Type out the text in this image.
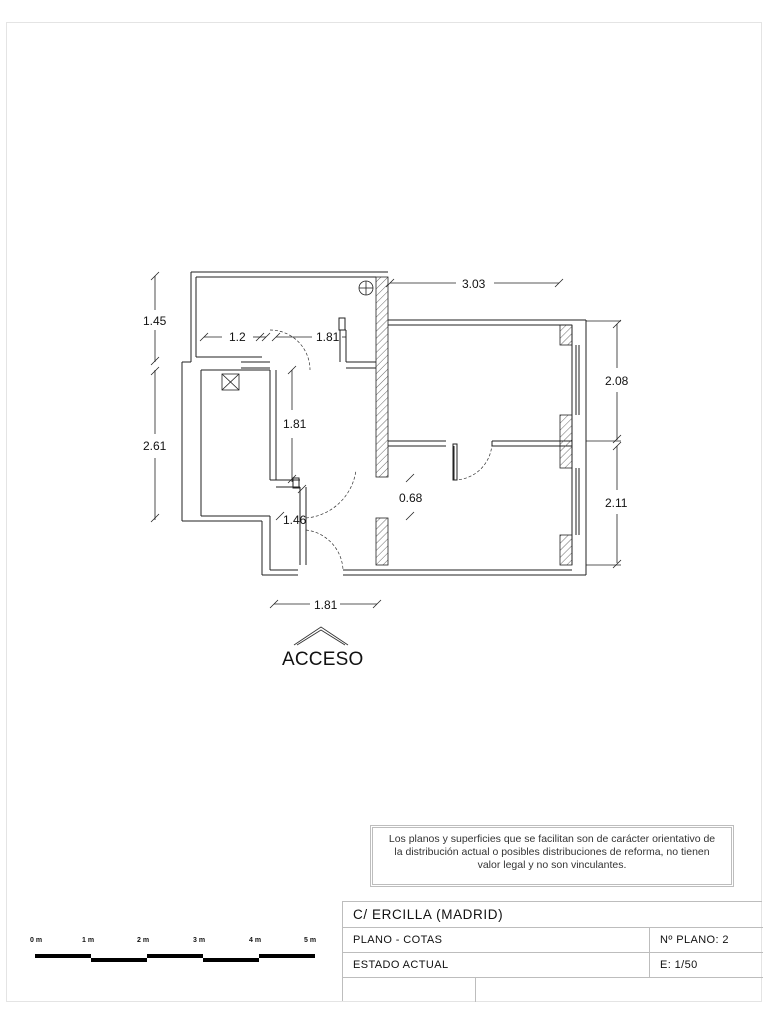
1.45
2.61
1.2	1.81
1.81
1.46
1.81
3.03
0.68
2.08
2.11
ACCESO
Los planos y superficies que se facilitan son de carácter orientativo de
la distribución actual o posibles distribuciones de reforma, no tienen
valor legal y no son vinculantes.
C/ ERCILLA (MADRID)
PLANO - COTAS	Nº PLANO: 2
ESTADO ACTUAL	E: 1/50
0 m	1 m	2 m	3 m	4 m	5 m
